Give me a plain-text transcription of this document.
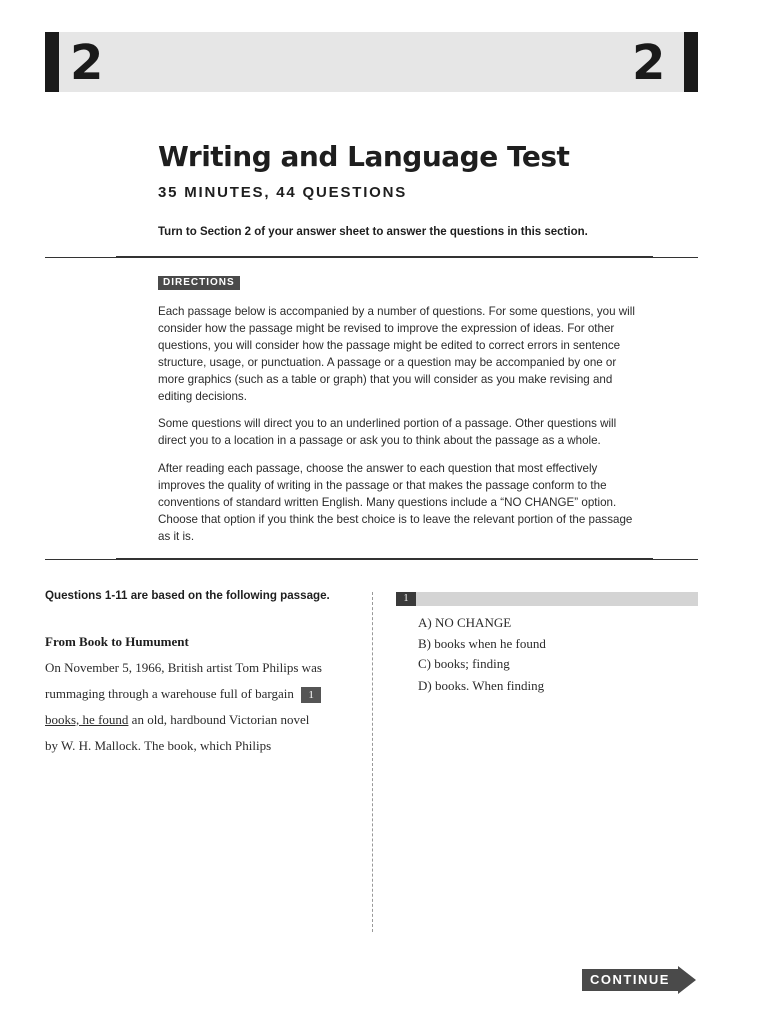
2	2
Writing and Language Test
35 MINUTES, 44 QUESTIONS
Turn to Section 2 of your answer sheet to answer the questions in this section.
DIRECTIONS

Each passage below is accompanied by a number of questions. For some questions, you will consider how the passage might be revised to improve the expression of ideas. For other questions, you will consider how the passage might be edited to correct errors in sentence structure, usage, or punctuation. A passage or a question may be accompanied by one or more graphics (such as a table or graph) that you will consider as you make revising and editing decisions.

Some questions will direct you to an underlined portion of a passage. Other questions will direct you to a location in a passage or ask you to think about the passage as a whole.

After reading each passage, choose the answer to each question that most effectively improves the quality of writing in the passage or that makes the passage conform to the conventions of standard written English. Many questions include a “NO CHANGE” option. Choose that option if you think the best choice is to leave the relevant portion of the passage as it is.

Questions 1-11 are based on the following passage.
From Book to Humument
On November 5, 1966, British artist Tom Philips was
rummaging through a warehouse full of bargain 1
books, he found an old, hardbound Victorian novel
by W. H. Mallock. The book, which Philips
1
A) NO CHANGE
B) books when he found
C) books; finding
D) books. When finding
CONTINUE
